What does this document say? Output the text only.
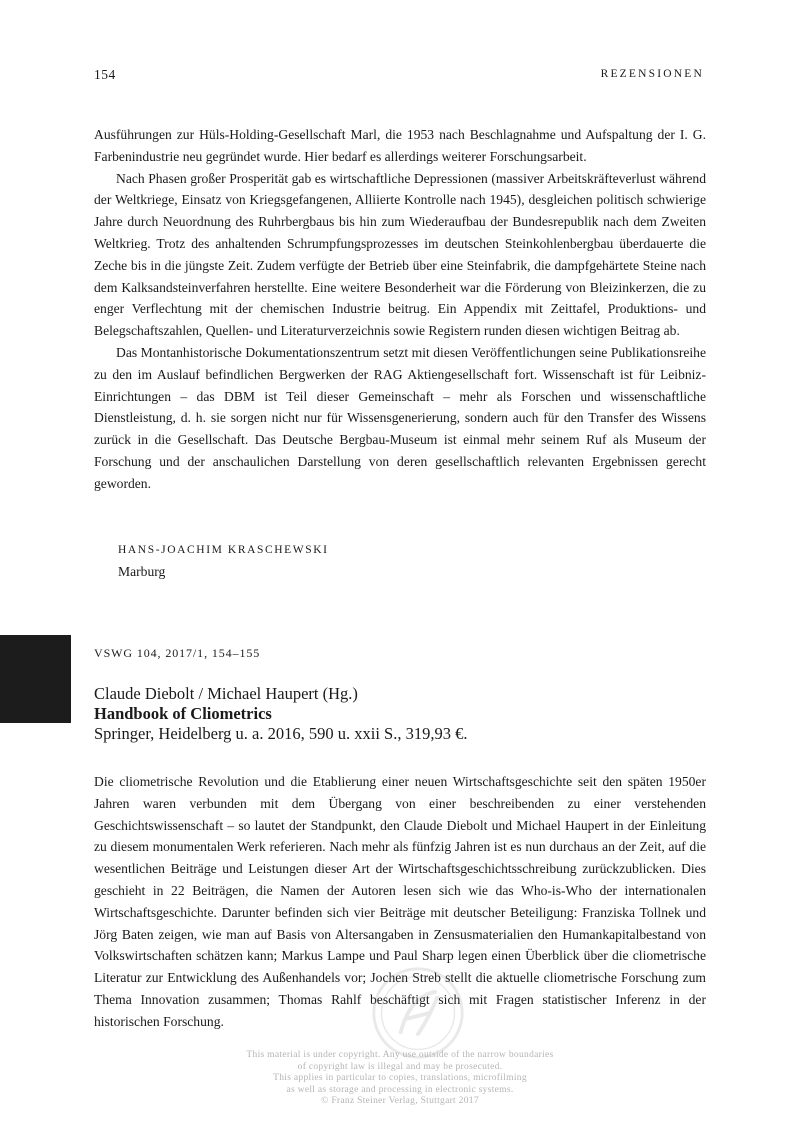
154	REZENSIONEN

Ausführungen zur Hüls-Holding-Gesellschaft Marl, die 1953 nach Beschlagnahme und Aufspaltung der I. G. Farbenindustrie neu gegründet wurde. Hier bedarf es allerdings weiterer Forschungsarbeit.

Nach Phasen großer Prosperität gab es wirtschaftliche Depressionen (massiver Arbeitskräfteverlust während der Weltkriege, Einsatz von Kriegsgefangenen, Alliierte Kontrolle nach 1945), desgleichen politisch schwierige Jahre durch Neuordnung des Ruhrbergbaus bis hin zum Wiederaufbau der Bundesrepublik nach dem Zweiten Weltkrieg. Trotz des anhaltenden Schrumpfungsprozesses im deutschen Steinkohlenbergbau überdauerte die Zeche bis in die jüngste Zeit. Zudem verfügte der Betrieb über eine Steinfabrik, die dampfgehärtete Steine nach dem Kalksandsteinverfahren herstellte. Eine weitere Besonderheit war die Förderung von Bleizinkerzen, die zu enger Verflechtung mit der chemischen Industrie beitrug. Ein Appendix mit Zeittafel, Produktions- und Belegschaftszahlen, Quellen- und Literaturverzeichnis sowie Registern runden diesen wichtigen Beitrag ab.

Das Montanhistorische Dokumentationszentrum setzt mit diesen Veröffentlichungen seine Publikationsreihe zu den im Auslauf befindlichen Bergwerken der RAG Aktiengesellschaft fort. Wissenschaft ist für Leibniz-Einrichtungen – das DBM ist Teil dieser Gemeinschaft – mehr als Forschen und wissenschaftliche Dienstleistung, d. h. sie sorgen nicht nur für Wissensgenerierung, sondern auch für den Transfer des Wissens zurück in die Gesellschaft. Das Deutsche Bergbau-Museum ist einmal mehr seinem Ruf als Museum der Forschung und der anschaulichen Darstellung von deren gesellschaftlich relevanten Ergebnissen gerecht geworden.

HANS-JOACHIM KRASCHEWSKI
Marburg
VSWG 104, 2017/1, 154–155
Claude Diebolt / Michael Haupert (Hg.)
Handbook of Cliometrics
Springer, Heidelberg u. a. 2016, 590 u. xxii S., 319,93 €.

Die cliometrische Revolution und die Etablierung einer neuen Wirtschaftsgeschichte seit den späten 1950er Jahren waren verbunden mit dem Übergang von einer beschreibenden zu einer verstehenden Geschichtswissenschaft – so lautet der Standpunkt, den Claude Diebolt und Michael Haupert in der Einleitung zu diesem monumentalen Werk referieren. Nach mehr als fünfzig Jahren ist es nun durchaus an der Zeit, auf die wesentlichen Beiträge und Leistungen dieser Art der Wirtschaftsgeschichtsschreibung zurückzublicken. Dies geschieht in 22 Beiträgen, die Namen der Autoren lesen sich wie das Who-is-Who der internationalen Wirtschaftsgeschichte. Darunter befinden sich vier Beiträge mit deutscher Beteiligung: Franziska Tollnek und Jörg Baten zeigen, wie man auf Basis von Altersangaben in Zensusmaterialien den Humankapitalbestand von Volkswirtschaften schätzen kann; Markus Lampe und Paul Sharp legen einen Überblick über die cliometrische Literatur zur Entwicklung des Außenhandels vor; Jochen Streb stellt die aktuelle cliometrische Forschung zum Thema Innovation zusammen; Thomas Rahlf beschäftigt sich mit Fragen statistischer Inferenz in der historischen Forschung.

This material is under copyright. Any use outside of the narrow boundaries
of copyright law is illegal and may be prosecuted.
This applies in particular to copies, translations, microfilming
as well as storage and processing in electronic systems.
© Franz Steiner Verlag, Stuttgart 2017
